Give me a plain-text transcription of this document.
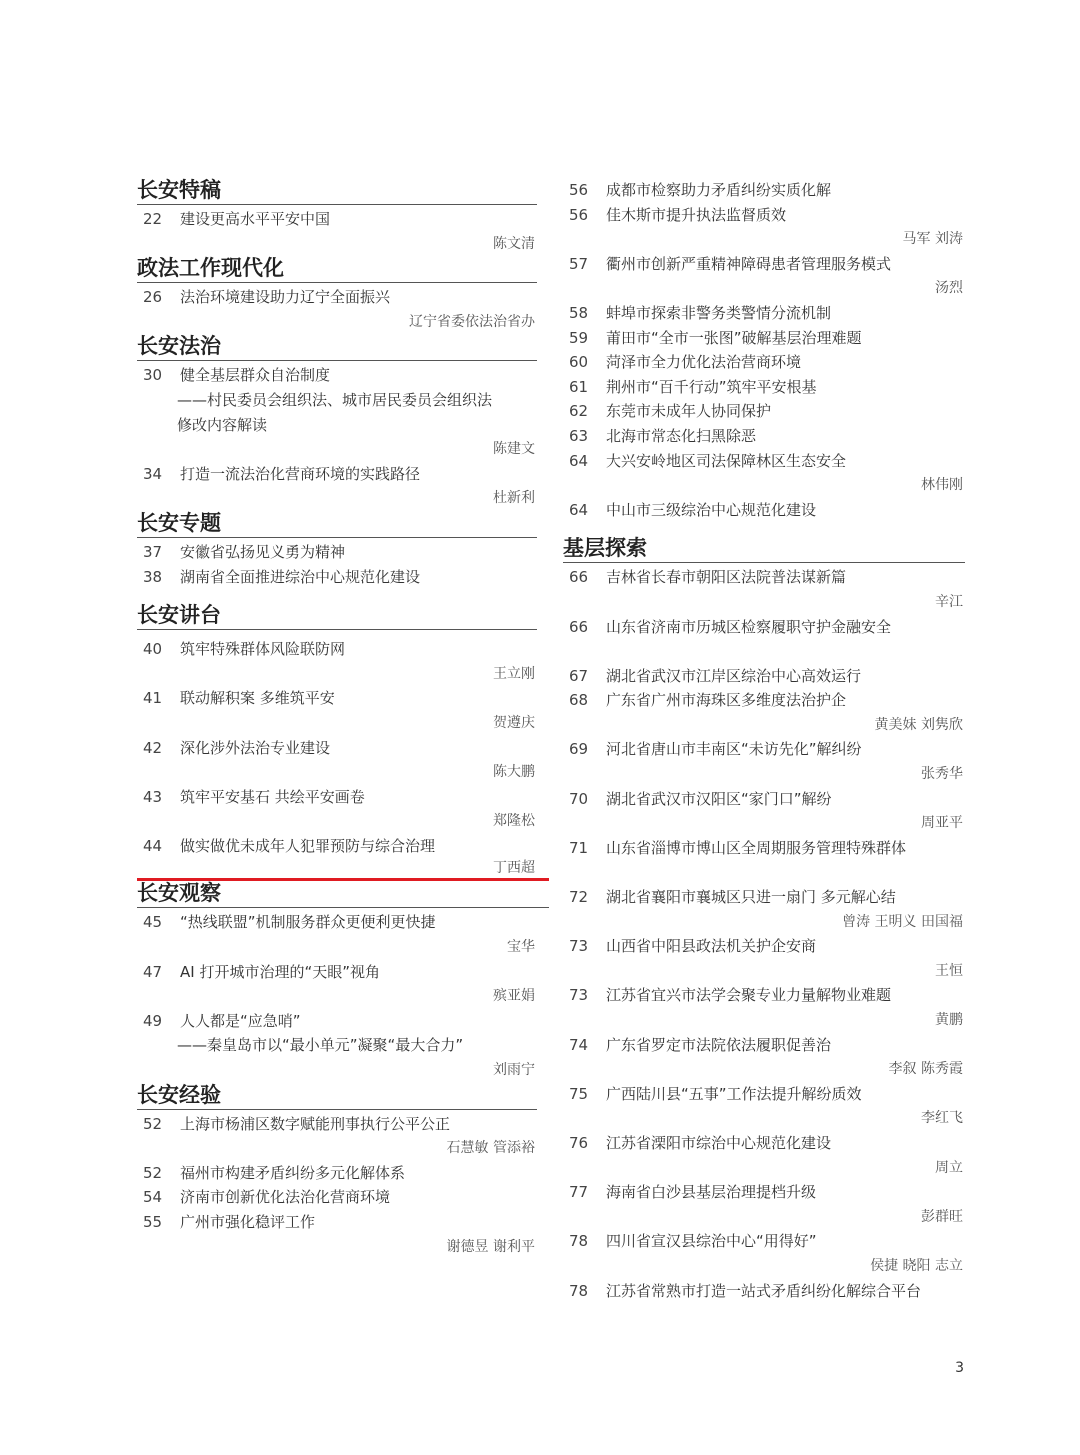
长安特稿
22	建设更高水平平安中国
陈文清
政法工作现代化
26	法治环境建设助力辽宁全面振兴
辽宁省委依法治省办
长安法治
30	健全基层群众自治制度
——村民委员会组织法、城市居民委员会组织法
修改内容解读
陈建文
34	打造一流法治化营商环境的实践路径
杜新利
长安专题
37	安徽省弘扬见义勇为精神
38	湖南省全面推进综治中心规范化建设
长安讲台
40	筑牢特殊群体风险联防网
王立刚
41	联动解积案 多维筑平安
贺遵庆
42	深化涉外法治专业建设
陈大鹏
43	筑牢平安基石 共绘平安画卷
郑隆松
44	做实做优未成年人犯罪预防与综合治理
丁西超
长安观察
45	“热线联盟”机制服务群众更便利更快捷
宝华
47	AI 打开城市治理的“天眼”视角
殡亚娟
49	人人都是“应急哨”
——秦皇岛市以“最小单元”凝聚“最大合力”
刘雨宁
长安经验
52	上海市杨浦区数字赋能刑事执行公平公正
石慧敏 管添裕
52	福州市构建矛盾纠纷多元化解体系
54	济南市创新优化法治化营商环境
55	广州市强化稳评工作
谢德昱 谢利平
56	成都市检察助力矛盾纠纷实质化解
56	佳木斯市提升执法监督质效
马军 刘涛
57	衢州市创新严重精神障碍患者管理服务模式
汤烈
58	蚌埠市探索非警务类警情分流机制
59	莆田市“全市一张图”破解基层治理难题
60	菏泽市全力优化法治营商环境
61	荆州市“百千行动”筑牢平安根基
62	东莞市未成年人协同保护
63	北海市常态化扫黑除恶
64	大兴安岭地区司法保障林区生态安全
林伟刚
64	中山市三级综治中心规范化建设
基层探索
66	吉林省长春市朝阳区法院普法谋新篇
辛江
66	山东省济南市历城区检察履职守护金融安全
67	湖北省武汉市江岸区综治中心高效运行
68	广东省广州市海珠区多维度法治护企
黄美妹 刘隽欣
69	河北省唐山市丰南区“未访先化”解纠纷
张秀华
70	湖北省武汉市汉阳区“家门口”解纷
周亚平
71	山东省淄博市博山区全周期服务管理特殊群体
72	湖北省襄阳市襄城区只进一扇门 多元解心结
曾涛 王明义 田国福
73	山西省中阳县政法机关护企安商
王恒
73	江苏省宜兴市法学会聚专业力量解物业难题
黄鹏
74	广东省罗定市法院依法履职促善治
李叙 陈秀霞
75	广西陆川县“五事”工作法提升解纷质效
李红飞
76	江苏省溧阳市综治中心规范化建设
周立
77	海南省白沙县基层治理提档升级
彭群旺
78	四川省宣汉县综治中心“用得好”
侯捷 晓阳 志立
78	江苏省常熟市打造一站式矛盾纠纷化解综合平台
3
